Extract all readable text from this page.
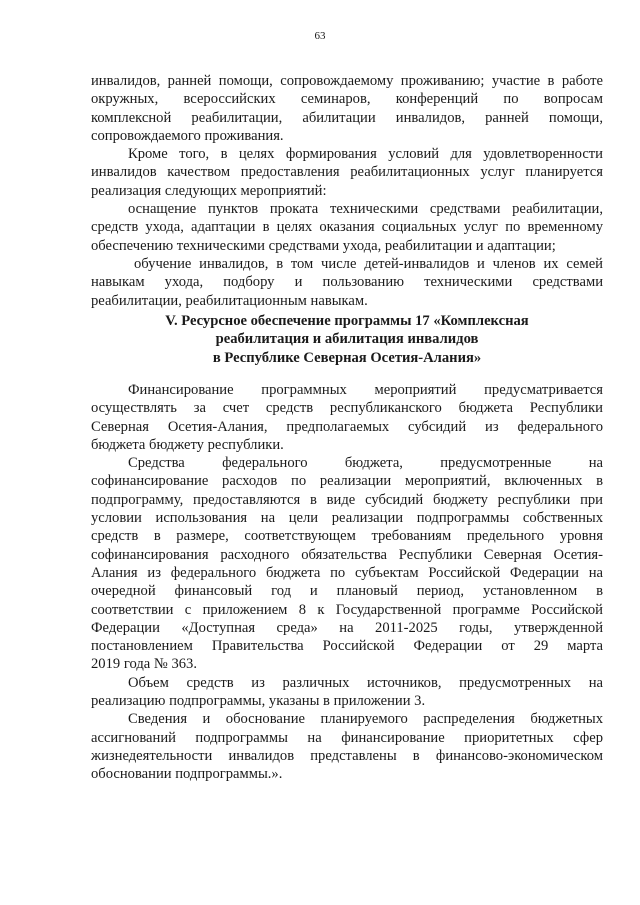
63
инвалидов, ранней помощи, сопровождаемому проживанию; участие в работе
окружных, всероссийских семинаров, конференций по вопросам
комплексной реабилитации, абилитации инвалидов, ранней помощи,
сопровождаемого проживания.
Кроме того, в целях формирования условий для удовлетворенности
инвалидов качеством предоставления реабилитационных услуг планируется
реализация следующих мероприятий:
оснащение пунктов проката техническими средствами реабилитации,
средств ухода, адаптации в целях оказания социальных услуг по временному
обеспечению техническими средствами ухода, реабилитации и адаптации;
обучение инвалидов, в том числе детей-инвалидов и членов их семей
навыкам ухода, подбору и пользованию техническими средствами
реабилитации, реабилитационным навыкам.
V. Ресурсное обеспечение программы 17 «Комплексная
реабилитация и абилитация инвалидов
в Республике Северная Осетия-Алания»
Финансирование программных мероприятий предусматривается
осуществлять за счет средств республиканского бюджета Республики
Северная Осетия-Алания, предполагаемых субсидий из федерального
бюджета бюджету республики.
Средства федерального бюджета, предусмотренные на
софинансирование расходов по реализации мероприятий, включенных в
подпрограмму, предоставляются в виде субсидий бюджету республики при
условии использования на цели реализации подпрограммы собственных
средств в размере, соответствующем требованиям предельного уровня
софинансирования расходного обязательства Республики Северная Осетия-
Алания из федерального бюджета по субъектам Российской Федерации на
очередной финансовый год и плановый период, установленном в
соответствии с приложением 8 к Государственной программе Российской
Федерации «Доступная среда» на 2011-2025 годы, утвержденной
постановлением Правительства Российской Федерации от 29 марта
2019 года № 363.
Объем средств из различных источников, предусмотренных на
реализацию подпрограммы, указаны в приложении 3.
Сведения и обоснование планируемого распределения бюджетных
ассигнований подпрограммы на финансирование приоритетных сфер
жизнедеятельности инвалидов представлены в финансово-экономическом
обосновании подпрограммы.».
